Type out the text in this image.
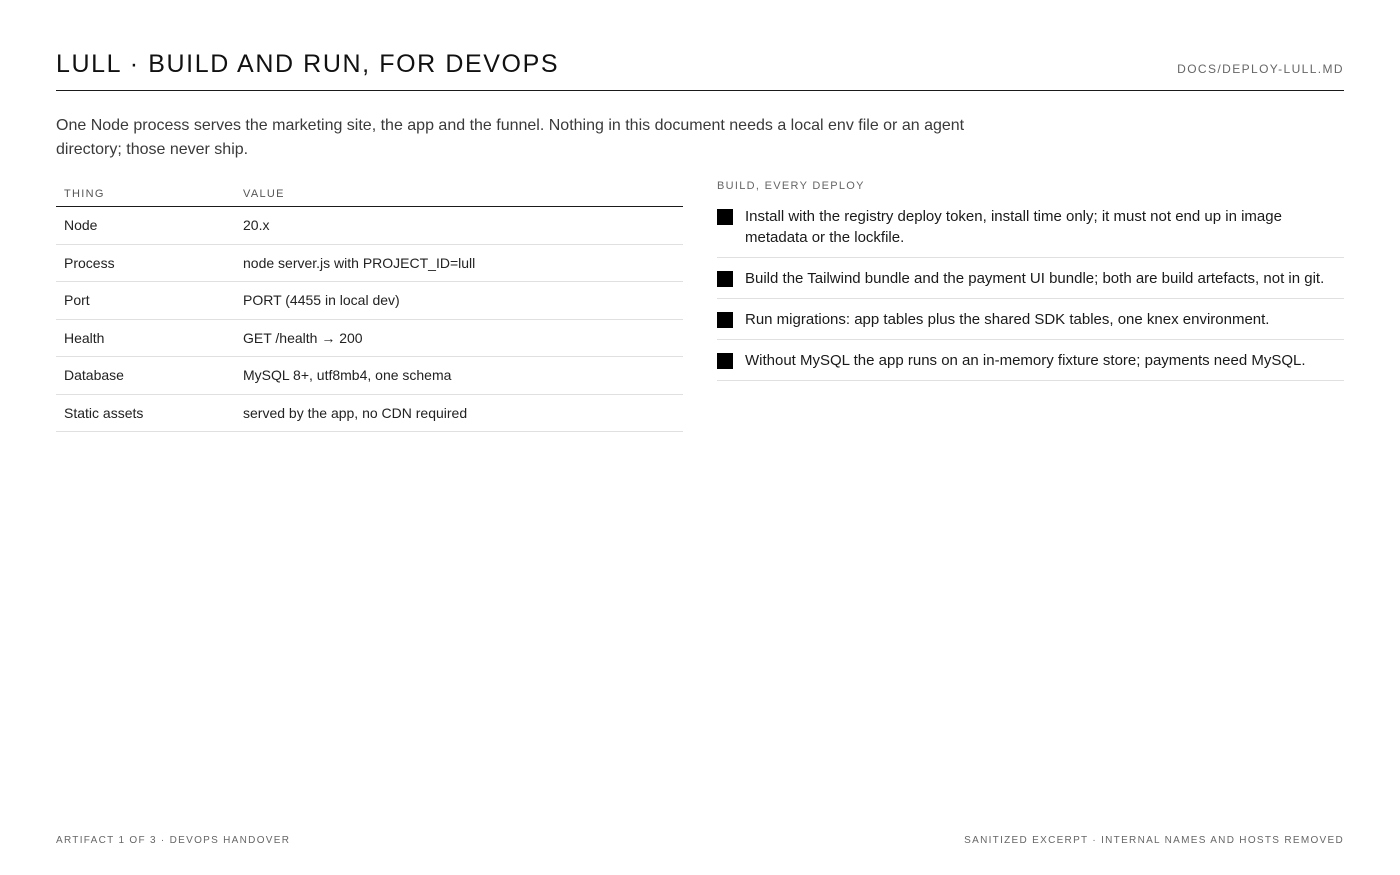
LULL · BUILD AND RUN, FOR DEVOPS	DOCS/DEPLOY-LULL.MD

One Node process serves the marketing site, the app and the funnel. Nothing in this document needs a local env file or an agent directory; those never ship.

THING	VALUE
Node	20.x
Process	node server.js with PROJECT_ID=lull
Port	PORT (4455 in local dev)
Health	GET /health → 200
Database	MySQL 8+, utf8mb4, one schema
Static assets	served by the app, no CDN required
BUILD, EVERY DEPLOY
Install with the registry deploy token, install time only; it must not end up in image metadata or the lockfile.
Build the Tailwind bundle and the payment UI bundle; both are build artefacts, not in git.
Run migrations: app tables plus the shared SDK tables, one knex environment.
Without MySQL the app runs on an in-memory fixture store; payments need MySQL.
ARTIFACT 1 OF 3 · DEVOPS HANDOVER	SANITIZED EXCERPT · INTERNAL NAMES AND HOSTS REMOVED
